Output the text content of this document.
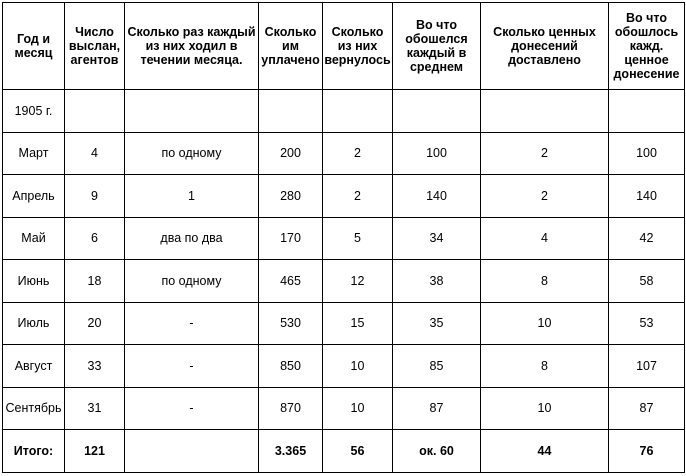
Год и месяц	Число выслан, агентов	Сколько раз каждый из них ходил в течении месяца.	Сколько им уплачено	Сколько из них вернулось	Во что обошелся каждый в среднем	Сколько ценных донесений доставлено	Во что обошлось кажд. ценное донесение
1905 г.							
Март	4	по одному	200	2	100	2	100
Апрель	9	1	280	2	140	2	140
Май	6	два по два	170	5	34	4	42
Июнь	18	по одному	465	12	38	8	58
Июль	20	-	530	15	35	10	53
Август	33	-	850	10	85	8	107
Сентябрь	31	-	870	10	87	10	87
Итого:	121		3.365	56	ок. 60	44	76
